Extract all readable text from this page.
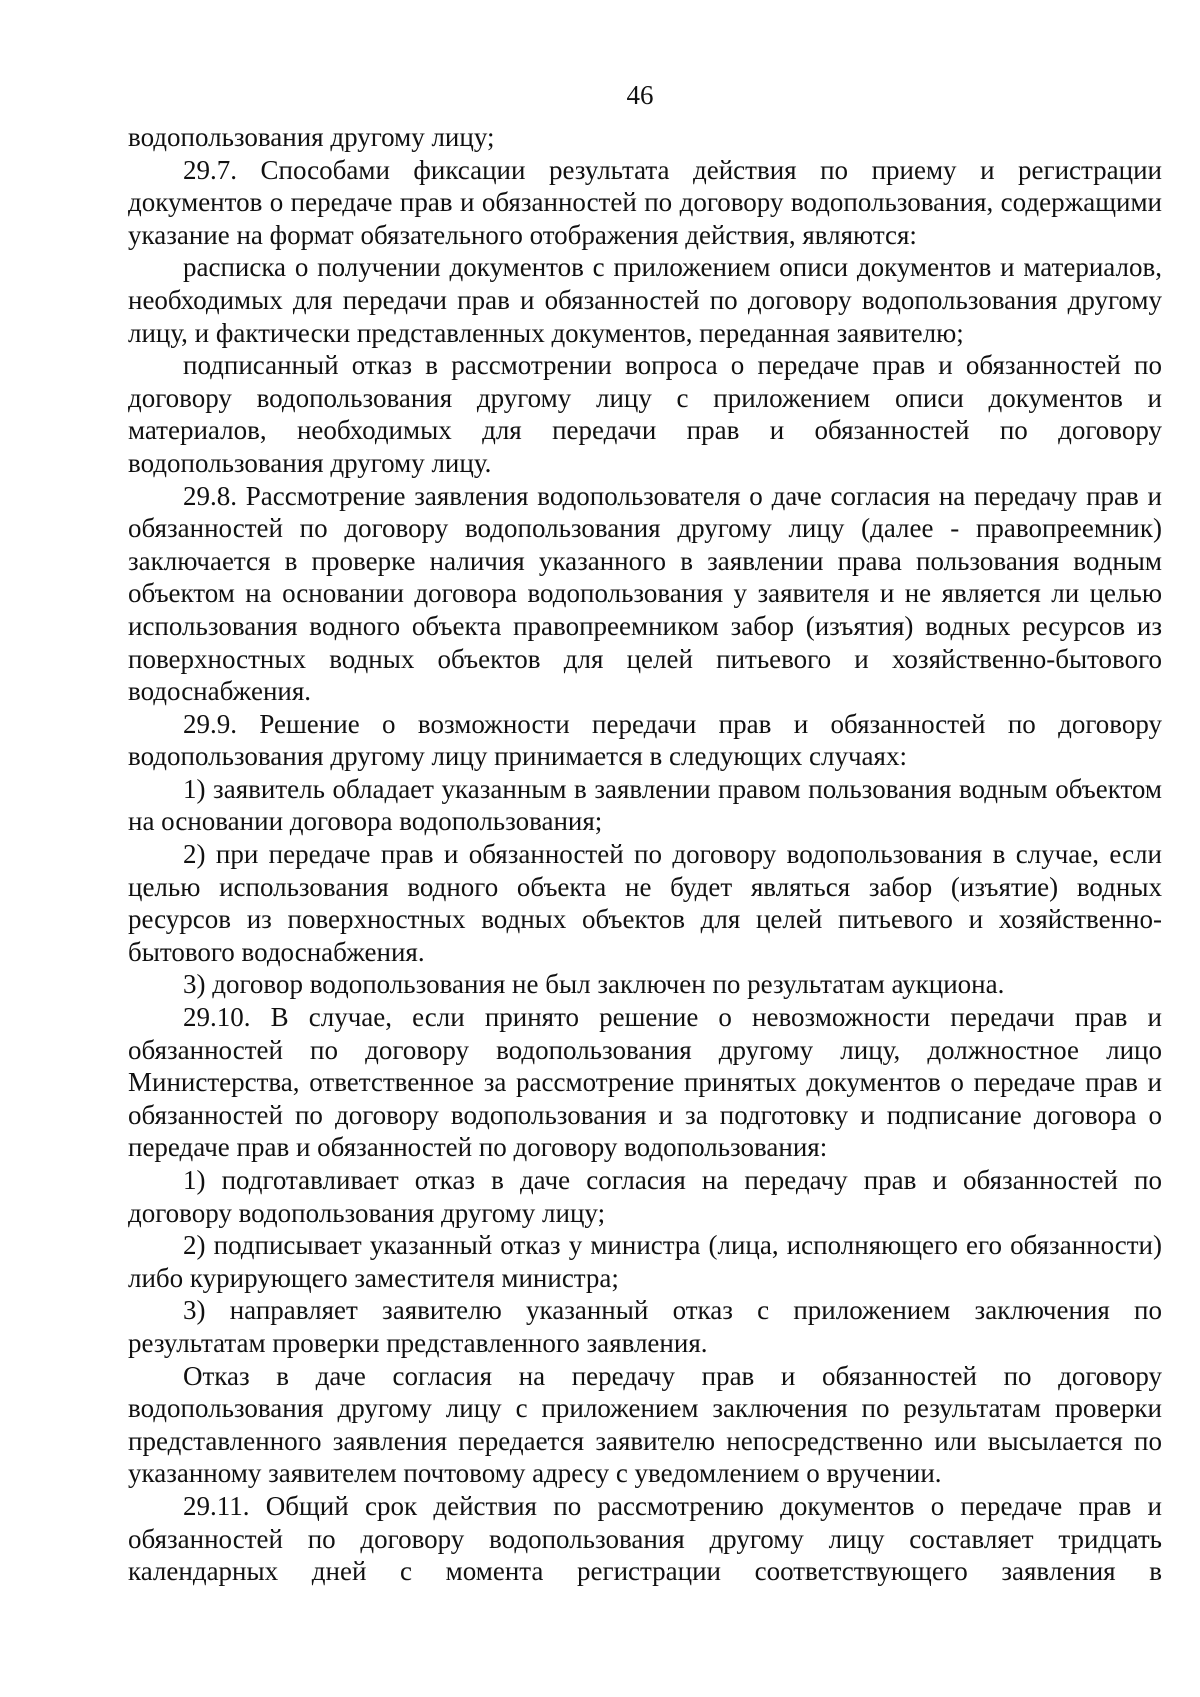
46

водопользования другому лицу;

29.7. Способами фиксации результата действия по приему и регистрации документов о передаче прав и обязанностей по договору водопользования, содержащими указание на формат обязательного отображения действия, являются:

расписка о получении документов с приложением описи документов и материалов, необходимых для передачи прав и обязанностей по договору водопользования другому лицу, и фактически представленных документов, переданная заявителю;

подписанный отказ в рассмотрении вопроса о передаче прав и обязанностей по договору водопользования другому лицу с приложением описи документов и материалов, необходимых для передачи прав и обязанностей по договору водопользования другому лицу.

29.8. Рассмотрение заявления водопользователя о даче согласия на передачу прав и обязанностей по договору водопользования другому лицу (далее - правопреемник) заключается в проверке наличия указанного в заявлении права пользования водным объектом на основании договора водопользования у заявителя и не является ли целью использования водного объекта правопреемником забор (изъятия) водных ресурсов из поверхностных водных объектов для целей питьевого и хозяйственно-бытового водоснабжения.

29.9. Решение о возможности передачи прав и обязанностей по договору водопользования другому лицу принимается в следующих случаях:

1) заявитель обладает указанным в заявлении правом пользования водным объектом на основании договора водопользования;

2) при передаче прав и обязанностей по договору водопользования в случае, если целью использования водного объекта не будет являться забор (изъятие) водных ресурсов из поверхностных водных объектов для целей питьевого и хозяйственно-бытового водоснабжения.

3) договор водопользования не был заключен по результатам аукциона.

29.10. В случае, если принято решение о невозможности передачи прав и обязанностей по договору водопользования другому лицу, должностное лицо Министерства, ответственное за рассмотрение принятых документов о передаче прав и обязанностей по договору водопользования и за подготовку и подписание договора о передаче прав и обязанностей по договору водопользования:

1) подготавливает отказ в даче согласия на передачу прав и обязанностей по договору водопользования другому лицу;

2) подписывает указанный отказ у министра (лица, исполняющего его обязанности) либо курирующего заместителя министра;

3) направляет заявителю указанный отказ с приложением заключения по результатам проверки представленного заявления.

Отказ в даче согласия на передачу прав и обязанностей по договору водопользования другому лицу с приложением заключения по результатам проверки представленного заявления передается заявителю непосредственно или высылается по указанному заявителем почтовому адресу с уведомлением о вручении.

29.11. Общий срок действия по рассмотрению документов о передаче прав и обязанностей по договору водопользования другому лицу составляет тридцать календарных дней с момента регистрации соответствующего заявления в
